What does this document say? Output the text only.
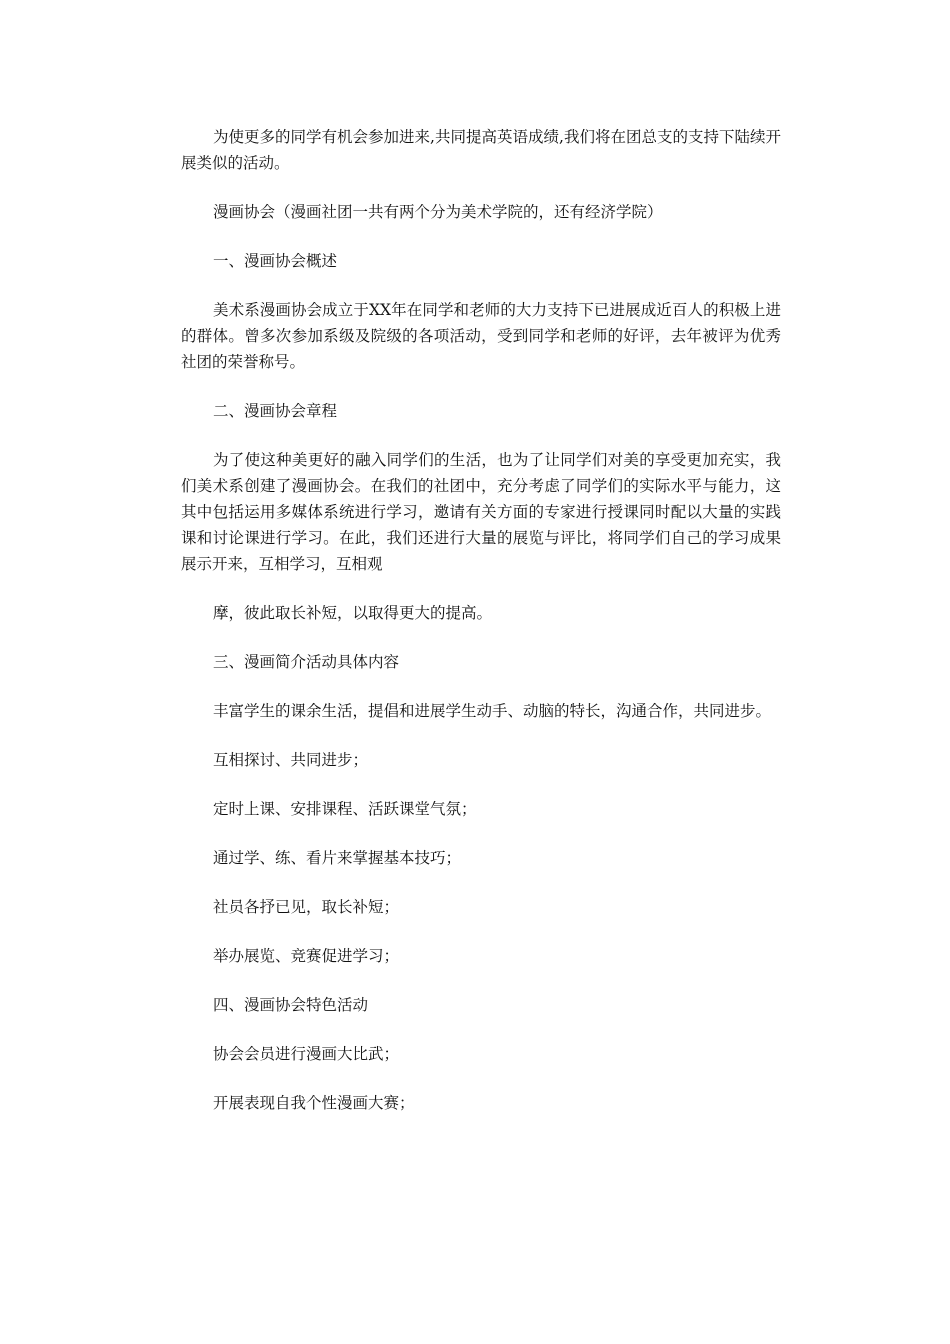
为使更多的同学有机会参加进来,共同提高英语成绩,我们将在团总支的支持下陆续开展类似的活动。

漫画协会（漫画社团一共有两个分为美术学院的，还有经济学院）

一、漫画协会概述

美术系漫画协会成立于XX年在同学和老师的大力支持下已进展成近百人的积极上进的群体。曾多次参加系级及院级的各项活动，受到同学和老师的好评，去年被评为优秀社团的荣誉称号。

二、漫画协会章程

为了使这种美更好的融入同学们的生活，也为了让同学们对美的享受更加充实，我们美术系创建了漫画协会。在我们的社团中，充分考虑了同学们的实际水平与能力，这其中包括运用多媒体系统进行学习，邀请有关方面的专家进行授课同时配以大量的实践课和讨论课进行学习。在此，我们还进行大量的展览与评比，将同学们自己的学习成果展示开来，互相学习，互相观

摩，彼此取长补短，以取得更大的提高。

三、漫画简介活动具体内容

丰富学生的课余生活，提倡和进展学生动手、动脑的特长，沟通合作，共同进步。

互相探讨、共同进步；

定时上课、安排课程、活跃课堂气氛；

通过学、练、看片来掌握基本技巧；

社员各抒已见，取长补短；

举办展览、竞赛促进学习；

四、漫画协会特色活动

协会会员进行漫画大比武；

开展表现自我个性漫画大赛；
